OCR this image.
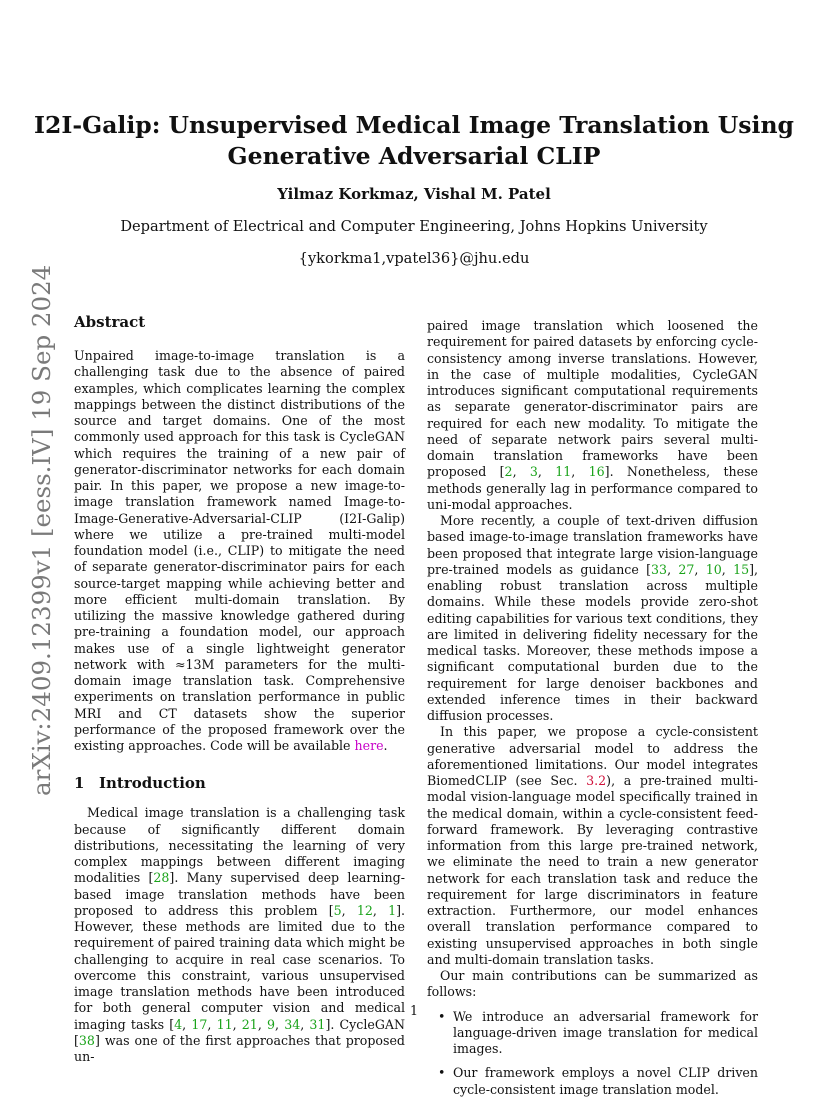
I2I-Galip: Unsupervised Medical Image Translation Using
Generative Adversarial CLIP
Yilmaz Korkmaz, Vishal M. Patel
Department of Electrical and Computer Engineering, Johns Hopkins University
{ykorkma1,vpatel36}@jhu.edu
arXiv:2409.12399v1 [eess.IV] 19 Sep 2024 Abstract

Unpaired image-to-image translation is a challenging task due to the absence of paired examples, which complicates learning the complex mappings between the distinct distributions of the source and target domains. One of the most commonly used approach for this task is CycleGAN which requires the training of a new pair of generator-discriminator networks for each domain pair. In this paper, we propose a new image-to-image translation framework named Image-to-Image-Generative-Adversarial-CLIP (I2I-Galip) where we utilize a pre-trained multi-model foundation model (i.e., CLIP) to mitigate the need of separate generator-discriminator pairs for each source-target mapping while achieving better and more efficient multi-domain translation. By utilizing the massive knowledge gathered during pre-training a foundation model, our approach makes use of a single lightweight generator network with ≈13M parameters for the multi-domain image translation task. Comprehensive experiments on translation performance in public MRI and CT datasets show the superior performance of the proposed framework over the existing approaches. Code will be available here.

1 Introduction

Medical image translation is a challenging task because of significantly different domain distributions, necessitating the learning of very complex mappings between different imaging modalities [28]. Many supervised deep learning-based image translation methods have been proposed to address this problem [5, 12, 1]. However, these methods are limited due to the requirement of paired training data which might be challenging to acquire in real case scenarios. To overcome this constraint, various unsupervised image translation methods have been introduced for both general computer vision and medical imaging tasks [4, 17, 11, 21, 9, 34, 31]. CycleGAN [38] was one of the first approaches that proposed un-

paired image translation which loosened the requirement for paired datasets by enforcing cycle-consistency among inverse translations. However, in the case of multiple modalities, CycleGAN introduces significant computational requirements as separate generator-discriminator pairs are required for each new modality. To mitigate the need of separate network pairs several multi-domain translation frameworks have been proposed [2, 3, 11, 16]. Nonetheless, these methods generally lag in performance compared to uni-modal approaches.

More recently, a couple of text-driven diffusion based image-to-image translation frameworks have been proposed that integrate large vision-language pre-trained models as guidance [33, 27, 10, 15], enabling robust translation across multiple domains. While these models provide zero-shot editing capabilities for various text conditions, they are limited in delivering fidelity necessary for the medical tasks. Moreover, these methods impose a significant computational burden due to the requirement for large denoiser backbones and extended inference times in their backward diffusion processes.

In this paper, we propose a cycle-consistent generative adversarial model to address the aforementioned limitations. Our model integrates BiomedCLIP (see Sec. 3.2), a pre-trained multi-modal vision-language model specifically trained in the medical domain, within a cycle-consistent feed-forward framework. By leveraging contrastive information from this large pre-trained network, we eliminate the need to train a new generator network for each translation task and reduce the requirement for large discriminators in feature extraction. Furthermore, our model enhances overall translation performance compared to existing unsupervised approaches in both single and multi-domain translation tasks.

Our main contributions can be summarized as follows:

• We introduce an adversarial framework for language-driven image translation for medical images.
• Our framework employs a novel CLIP driven cycle-consistent image translation model.
1
